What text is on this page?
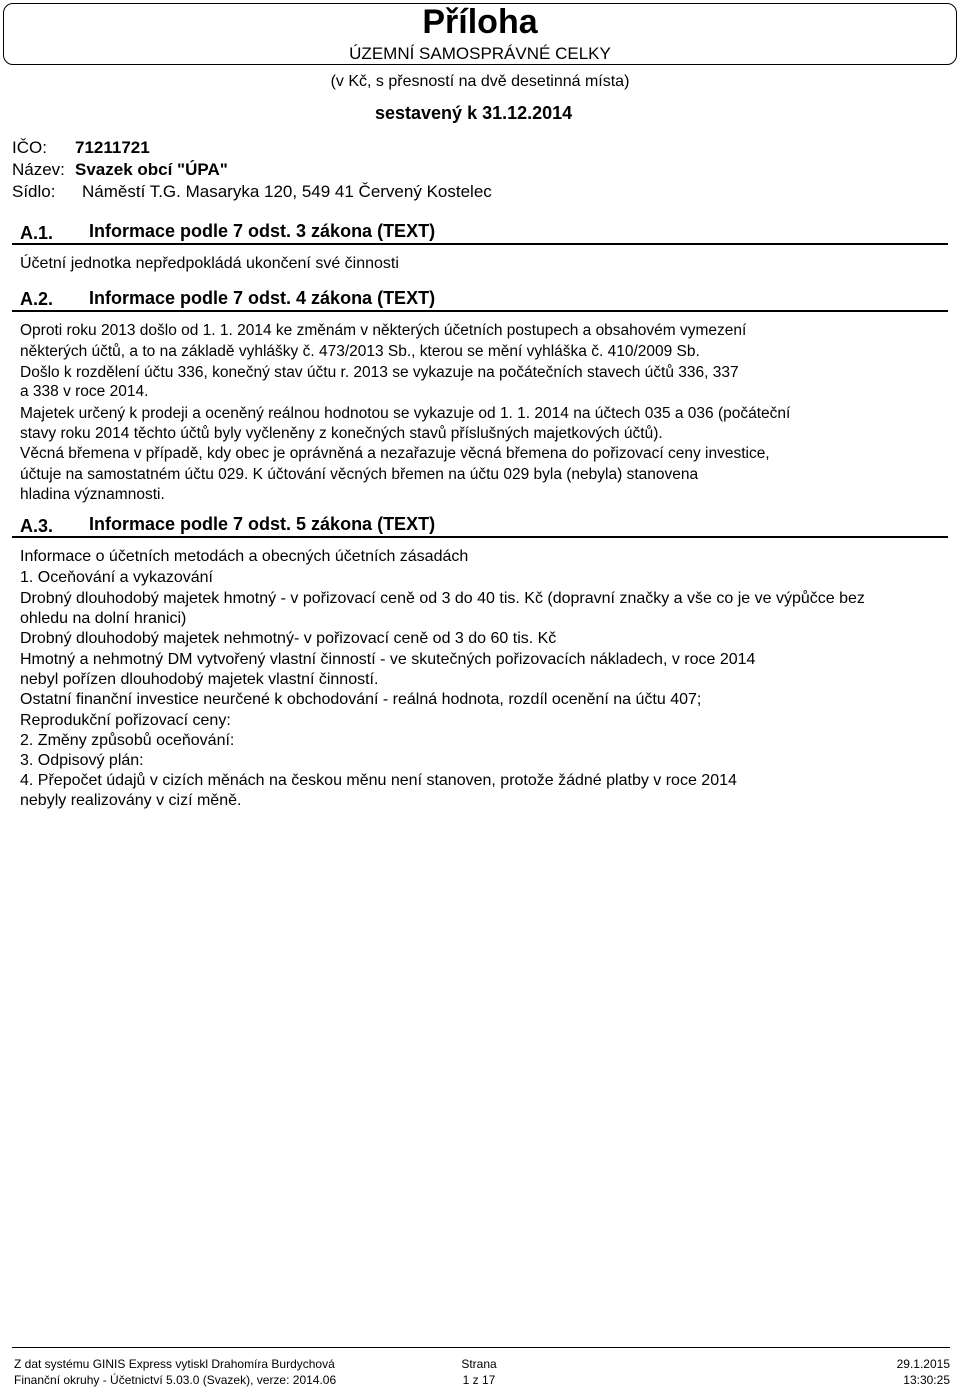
Příloha
ÚZEMNÍ SAMOSPRÁVNÉ CELKY
(v Kč, s přesností na dvě desetinná místa)
sestavený k 31.12.2014
IČO: 71211721
Název: Svazek obcí "ÚPA"
Sídlo: Náměstí T.G. Masaryka 120, 549 41 Červený Kostelec
A.1. Informace podle 7 odst. 3 zákona (TEXT)
Účetní jednotka nepředpokládá ukončení své činnosti
A.2. Informace podle 7 odst. 4 zákona (TEXT)
Oproti roku 2013 došlo od 1. 1. 2014 ke změnám v některých účetních postupech a obsahovém vymezení
některých účtů, a to na základě vyhlášky č. 473/2013 Sb., kterou se mění vyhláška č. 410/2009 Sb.
Došlo k rozdělení účtu 336, konečný stav účtu r. 2013 se vykazuje na počátečních stavech účtů 336, 337
a 338 v roce 2014.
Majetek určený k prodeji a oceněný reálnou hodnotou se vykazuje od 1. 1. 2014 na účtech 035 a 036 (počáteční
stavy roku 2014 těchto účtů byly vyčleněny z konečných stavů příslušných majetkových účtů).
Věcná břemena v případě, kdy obec je oprávněná a nezařazuje věcná břemena do pořizovací ceny investice,
účtuje na samostatném účtu 029. K účtování věcných břemen na účtu 029 byla (nebyla) stanovena
hladina významnosti.
A.3. Informace podle 7 odst. 5 zákona (TEXT)
Informace o účetních metodách a obecných účetních zásadách
1. Oceňování a vykazování
Drobný dlouhodobý majetek hmotný - v pořizovací ceně od 3 do 40 tis. Kč (dopravní značky a vše co je ve výpůčce bez
ohledu na dolní hranici)
Drobný dlouhodobý majetek nehmotný- v pořizovací ceně od 3 do 60 tis. Kč
Hmotný a nehmotný DM vytvořený vlastní činností - ve skutečných pořizovacích nákladech, v roce 2014
nebyl pořízen dlouhodobý majetek vlastní činností.
Ostatní finanční investice neurčené k obchodování - reálná hodnota, rozdíl ocenění na účtu 407;
Reprodukční pořizovací ceny:
2. Změny způsobů oceňování:
3. Odpisový plán:
4. Přepočet údajů v cizích měnách na českou měnu není stanoven, protože žádné platby v roce 2014
nebyly realizovány v cizí měně.
Z dat systému GINIS Express vytiskl Drahomíra Burdychová
Finanční okruhy - Účetnictví 5.03.0 (Svazek), verze: 2014.06
Strana
1 z 17
29.1.2015
13:30:25
